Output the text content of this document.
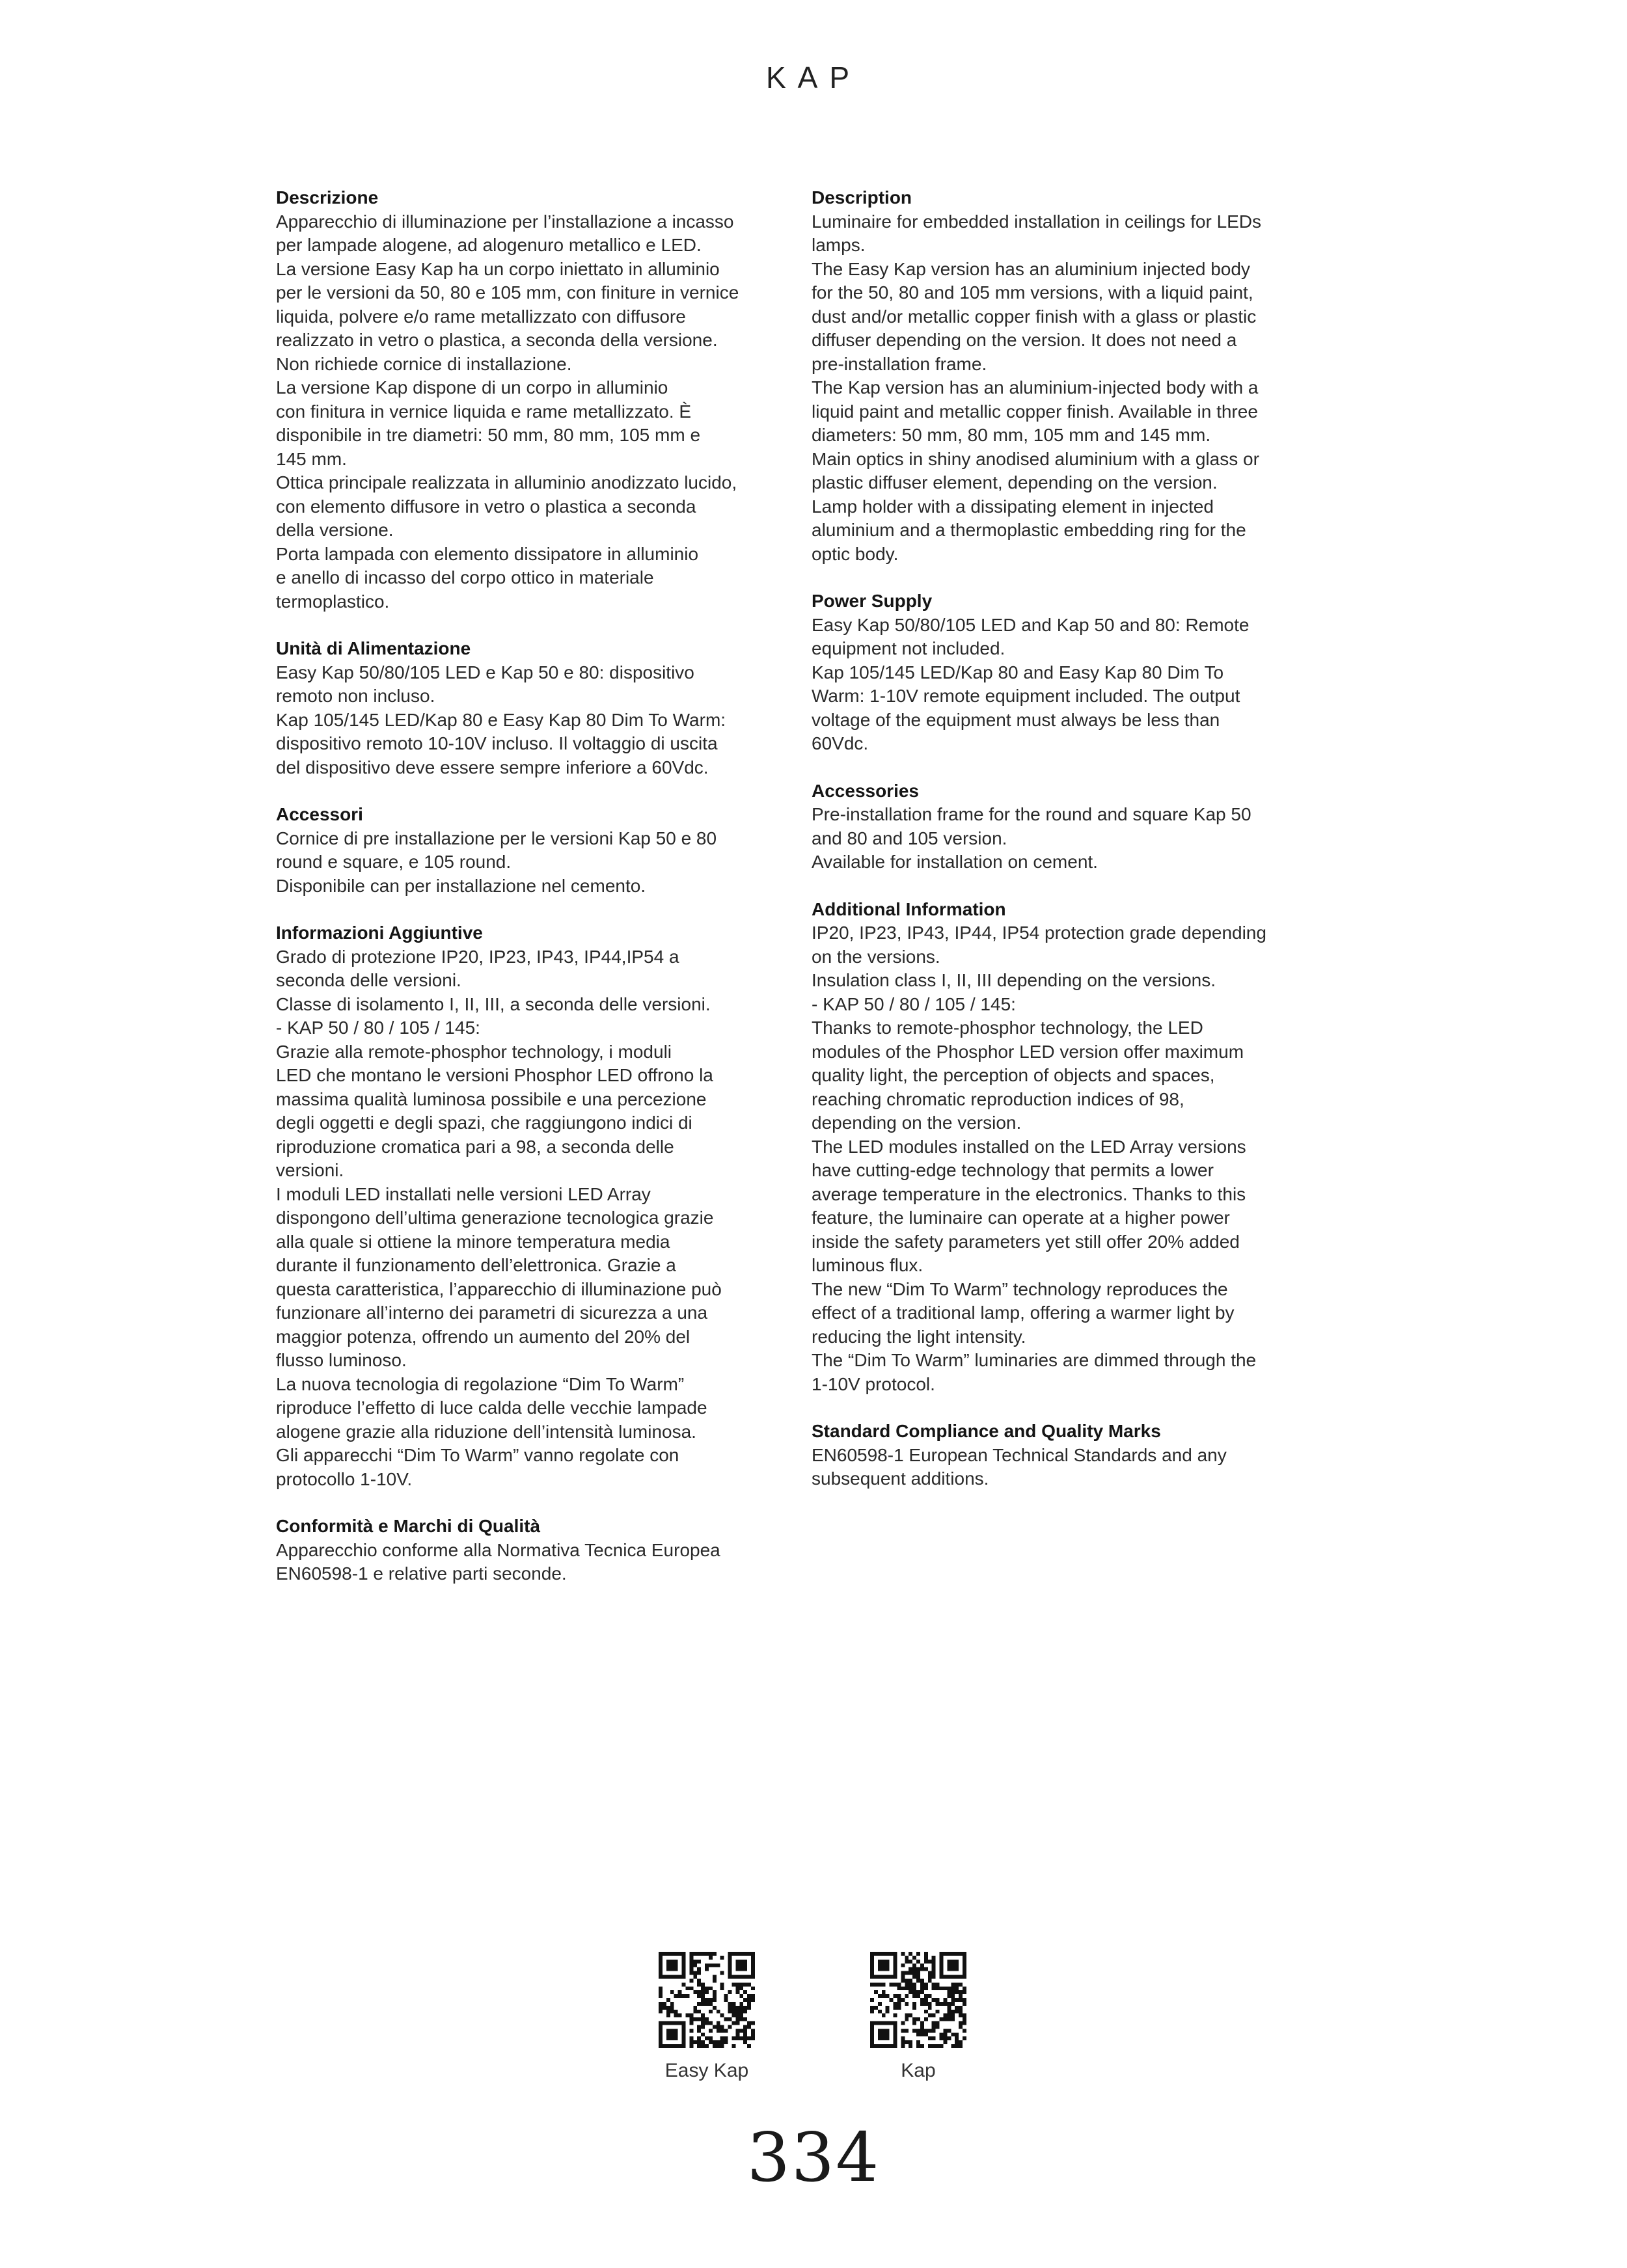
KAP
Descrizione
Apparecchio di illuminazione per l’installazione a incasso
per lampade alogene, ad alogenuro metallico e LED.
La versione Easy Kap ha un corpo iniettato in alluminio
per le versioni da 50, 80 e 105 mm, con finiture in vernice
liquida, polvere e/o rame metallizzato con diffusore
realizzato in vetro o plastica, a seconda della versione.
Non richiede cornice di installazione.
La versione Kap dispone di un corpo in alluminio
con finitura in vernice liquida e rame metallizzato. È
disponibile in tre diametri: 50 mm, 80 mm, 105 mm e
145 mm.
Ottica principale realizzata in alluminio anodizzato lucido,
con elemento diffusore in vetro o plastica a seconda
della versione.
Porta lampada con elemento dissipatore in alluminio
e anello di incasso del corpo ottico in materiale
termoplastico.
Unità di Alimentazione
Easy Kap 50/80/105 LED e Kap 50 e 80: dispositivo
remoto non incluso.
Kap 105/145 LED/Kap 80 e Easy Kap 80 Dim To Warm:
dispositivo remoto 10-10V incluso. Il voltaggio di uscita
del dispositivo deve essere sempre inferiore a 60Vdc.
Accessori
Cornice di pre installazione per le versioni Kap 50 e 80
round e square, e 105 round.
Disponibile can per installazione nel cemento.
Informazioni Aggiuntive
Grado di protezione IP20, IP23, IP43, IP44,IP54 a
seconda delle versioni.
Classe di isolamento I, II, III, a seconda delle versioni.
- KAP 50 / 80 / 105 / 145:
Grazie alla remote-phosphor technology, i moduli
LED che montano le versioni Phosphor LED offrono la
massima qualità luminosa possibile e una percezione
degli oggetti e degli spazi, che raggiungono indici di
riproduzione cromatica pari a 98, a seconda delle
versioni.
I moduli LED installati nelle versioni LED Array
dispongono dell’ultima generazione tecnologica grazie
alla quale si ottiene la minore temperatura media
durante il funzionamento dell’elettronica. Grazie a
questa caratteristica, l’apparecchio di illuminazione può
funzionare all’interno dei parametri di sicurezza a una
maggior potenza, offrendo un aumento del 20% del
flusso luminoso.
La nuova tecnologia di regolazione “Dim To Warm”
riproduce l’effetto di luce calda delle vecchie lampade
alogene grazie alla riduzione dell’intensità luminosa.
Gli apparecchi “Dim To Warm” vanno regolate con
protocollo 1-10V.
Conformità e Marchi di Qualità
Apparecchio conforme alla Normativa Tecnica Europea
EN60598-1 e relative parti seconde.
Description
Luminaire for embedded installation in ceilings for LEDs
lamps.
The Easy Kap version has an aluminium injected body
for the 50, 80 and 105 mm versions, with a liquid paint,
dust and/or metallic copper finish with a glass or plastic
diffuser depending on the version. It does not need a
pre-installation frame.
The Kap version has an aluminium-injected body with a
liquid paint and metallic copper finish. Available in three
diameters: 50 mm, 80 mm, 105 mm and 145 mm.
Main optics in shiny anodised aluminium with a glass or
plastic diffuser element, depending on the version.
Lamp holder with a dissipating element in injected
aluminium and a thermoplastic embedding ring for the
optic body.
Power Supply
Easy Kap 50/80/105 LED and Kap 50 and 80: Remote
equipment not included.
Kap 105/145 LED/Kap 80 and Easy Kap 80 Dim To
Warm: 1-10V remote equipment included. The output
voltage of the equipment must always be less than
60Vdc.
Accessories
Pre-installation frame for the round and square Kap 50
and 80 and 105 version.
Available for installation on cement.
Additional Information
IP20, IP23, IP43, IP44, IP54 protection grade depending
on the versions.
Insulation class I, II, III depending on the versions.
- KAP 50 / 80 / 105 / 145:
Thanks to remote-phosphor technology, the LED
modules of the Phosphor LED version offer maximum
quality light, the perception of objects and spaces,
reaching chromatic reproduction indices of 98,
depending on the version.
The LED modules installed on the LED Array versions
have cutting-edge technology that permits a lower
average temperature in the electronics. Thanks to this
feature, the luminaire can operate at a higher power
inside the safety parameters yet still offer 20% added
luminous flux.
The new “Dim To Warm” technology reproduces the
effect of a traditional lamp, offering a warmer light by
reducing the light intensity.
The “Dim To Warm” luminaries are dimmed through the
1-10V protocol.
Standard Compliance and Quality Marks
EN60598-1 European Technical Standards and any
subsequent additions.
Easy Kap	Kap
334
